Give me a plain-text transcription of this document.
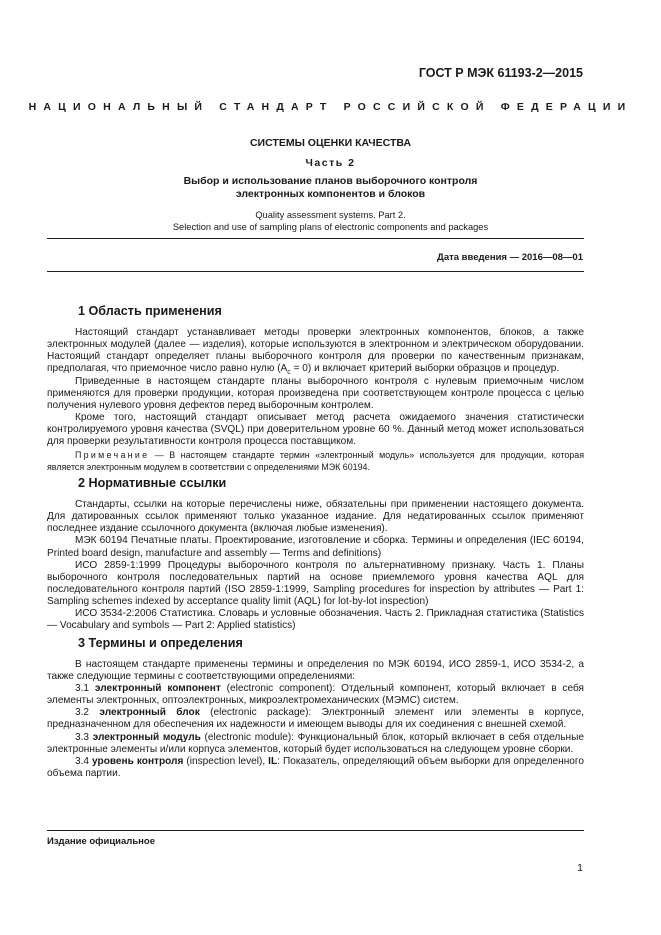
ГОСТ Р МЭК 61193-2—2015
НАЦИОНАЛЬНЫЙ СТАНДАРТ РОССИЙСКОЙ ФЕДЕРАЦИИ
СИСТЕМЫ ОЦЕНКИ КАЧЕСТВА
Часть 2
Выбор и использование планов выборочного контроля
электронных компонентов и блоков
Quality assessment systems. Part 2.
Selection and use of sampling plans of electronic components and packages
Дата введения — 2016—08—01
1 Область применения

Настоящий стандарт устанавливает методы проверки электронных компонентов, блоков, а также электронных модулей (далее — изделия), которые используются в электронном и электрическом оборудовании. Настоящий стандарт определяет планы выборочного контроля для проверки по качественным признакам, предполагая, что приемочное число равно нулю $(A_c = 0)$ и включает критерий выборки образцов и процедур.

Приведенные в настоящем стандарте планы выборочного контроля с нулевым приемочным числом применяются для проверки продукции, которая произведена при соответствующем контроле процесса с целью получения нулевого уровня дефектов перед выборочным контролем.

Кроме того, настоящий стандарт описывает метод расчета ожидаемого значения статистически контролируемого уровня качества (SVQL) при доверительном уровне 60 %. Данный метод может использоваться для проверки результативности контроля процесса поставщиком.

Примечание — В настоящем стандарте термин «электронный модуль» используется для продукции, которая является электронным модулем в соответствии с определениями МЭК 60194.

2 Нормативные ссылки

Стандарты, ссылки на которые перечислены ниже, обязательны при применении настоящего документа. Для датированных ссылок применяют только указанное издание. Для недатированных ссылок применяют последнее издание ссылочного документа (включая любые изменения).

МЭК 60194 Печатные платы. Проектирование, изготовление и сборка. Термины и определения (IEC 60194, Printed board design, manufacture and assembly — Terms and definitions)

ИСО 2859-1:1999 Процедуры выборочного контроля по альтернативному признаку. Часть 1. Планы выборочного контроля последовательных партий на основе приемлемого уровня качества AQL для последовательного контроля партий (ISO 2859-1:1999, Sampling procedures for inspection by attributes — Part 1: Sampling schemes indexed by acceptance quality limit (AQL) for lot-by-lot inspection)

ИСО 3534-2:2006 Статистика. Словарь и условные обозначения. Часть 2. Прикладная статистика (Statistics — Vocabulary and symbols — Part 2: Applied statistics)

3 Термины и определения

В настоящем стандарте применены термины и определения по МЭК 60194, ИСО 2859-1, ИСО 3534-2, а также следующие термины с соответствующими определениями:

3.1 электронный компонент (electronic component): Отдельный компонент, который включает в себя элементы электронных, оптоэлектронных, микроэлектромеханических (МЭМС) систем.

3.2 электронный блок (electronic package): Электронный элемент или элементы в корпусе, предназначенном для обеспечения их надежности и имеющем выводы для их соединения с внешней схемой.

3.3 электронный модуль (electronic module): Функциональный блок, который включает в себя отдельные электронные элементы и/или корпуса элементов, который будет использоваться на следующем уровне сборки.

3.4 уровень контроля (inspection level), IL: Показатель, определяющий объем выборки для определенного объема партии.

Издание официальное
1
